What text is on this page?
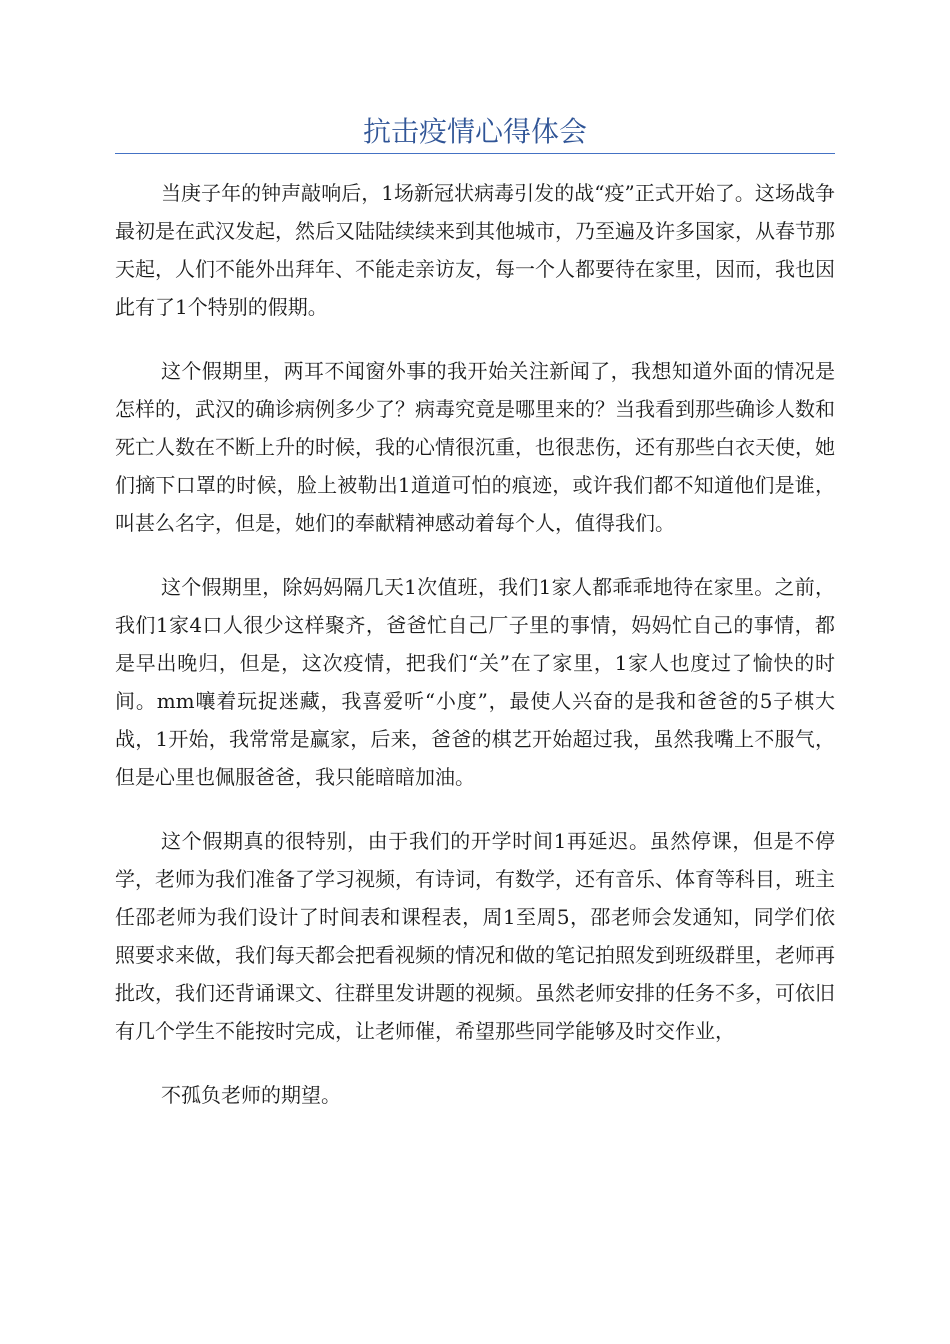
抗击疫情心得体会

当庚子年的钟声敲响后，1场新冠状病毒引发的战“疫”正式开始了。这场战争最初是在武汉发起，然后又陆陆续续来到其他城市，乃至遍及许多国家，从春节那天起，人们不能外出拜年、不能走亲访友，每一个人都要待在家里，因而，我也因此有了1个特别的假期。

这个假期里，两耳不闻窗外事的我开始关注新闻了，我想知道外面的情况是怎样的，武汉的确诊病例多少了？病毒究竟是哪里来的？当我看到那些确诊人数和死亡人数在不断上升的时候，我的心情很沉重，也很悲伤，还有那些白衣天使，她们摘下口罩的时候，脸上被勒出1道道可怕的痕迹，或许我们都不知道他们是谁，叫甚么名字，但是，她们的奉献精神感动着每个人，值得我们。

这个假期里，除妈妈隔几天1次值班，我们1家人都乖乖地待在家里。之前，我们1家4口人很少这样聚齐，爸爸忙自己厂子里的事情，妈妈忙自己的事情，都是早出晚归，但是，这次疫情，把我们“关”在了家里，1家人也度过了愉快的时间。mm嚷着玩捉迷藏，我喜爱听“小度”，最使人兴奋的是我和爸爸的5子棋大战，1开始，我常常是赢家，后来，爸爸的棋艺开始超过我，虽然我嘴上不服气，但是心里也佩服爸爸，我只能暗暗加油。

这个假期真的很特别，由于我们的开学时间1再延迟。虽然停课，但是不停学，老师为我们准备了学习视频，有诗词，有数学，还有音乐、体育等科目，班主任邵老师为我们设计了时间表和课程表，周1至周5，邵老师会发通知，同学们依照要求来做，我们每天都会把看视频的情况和做的笔记拍照发到班级群里，老师再批改，我们还背诵课文、往群里发讲题的视频。虽然老师安排的任务不多，可依旧有几个学生不能按时完成，让老师催，希望那些同学能够及时交作业，

不孤负老师的期望。
